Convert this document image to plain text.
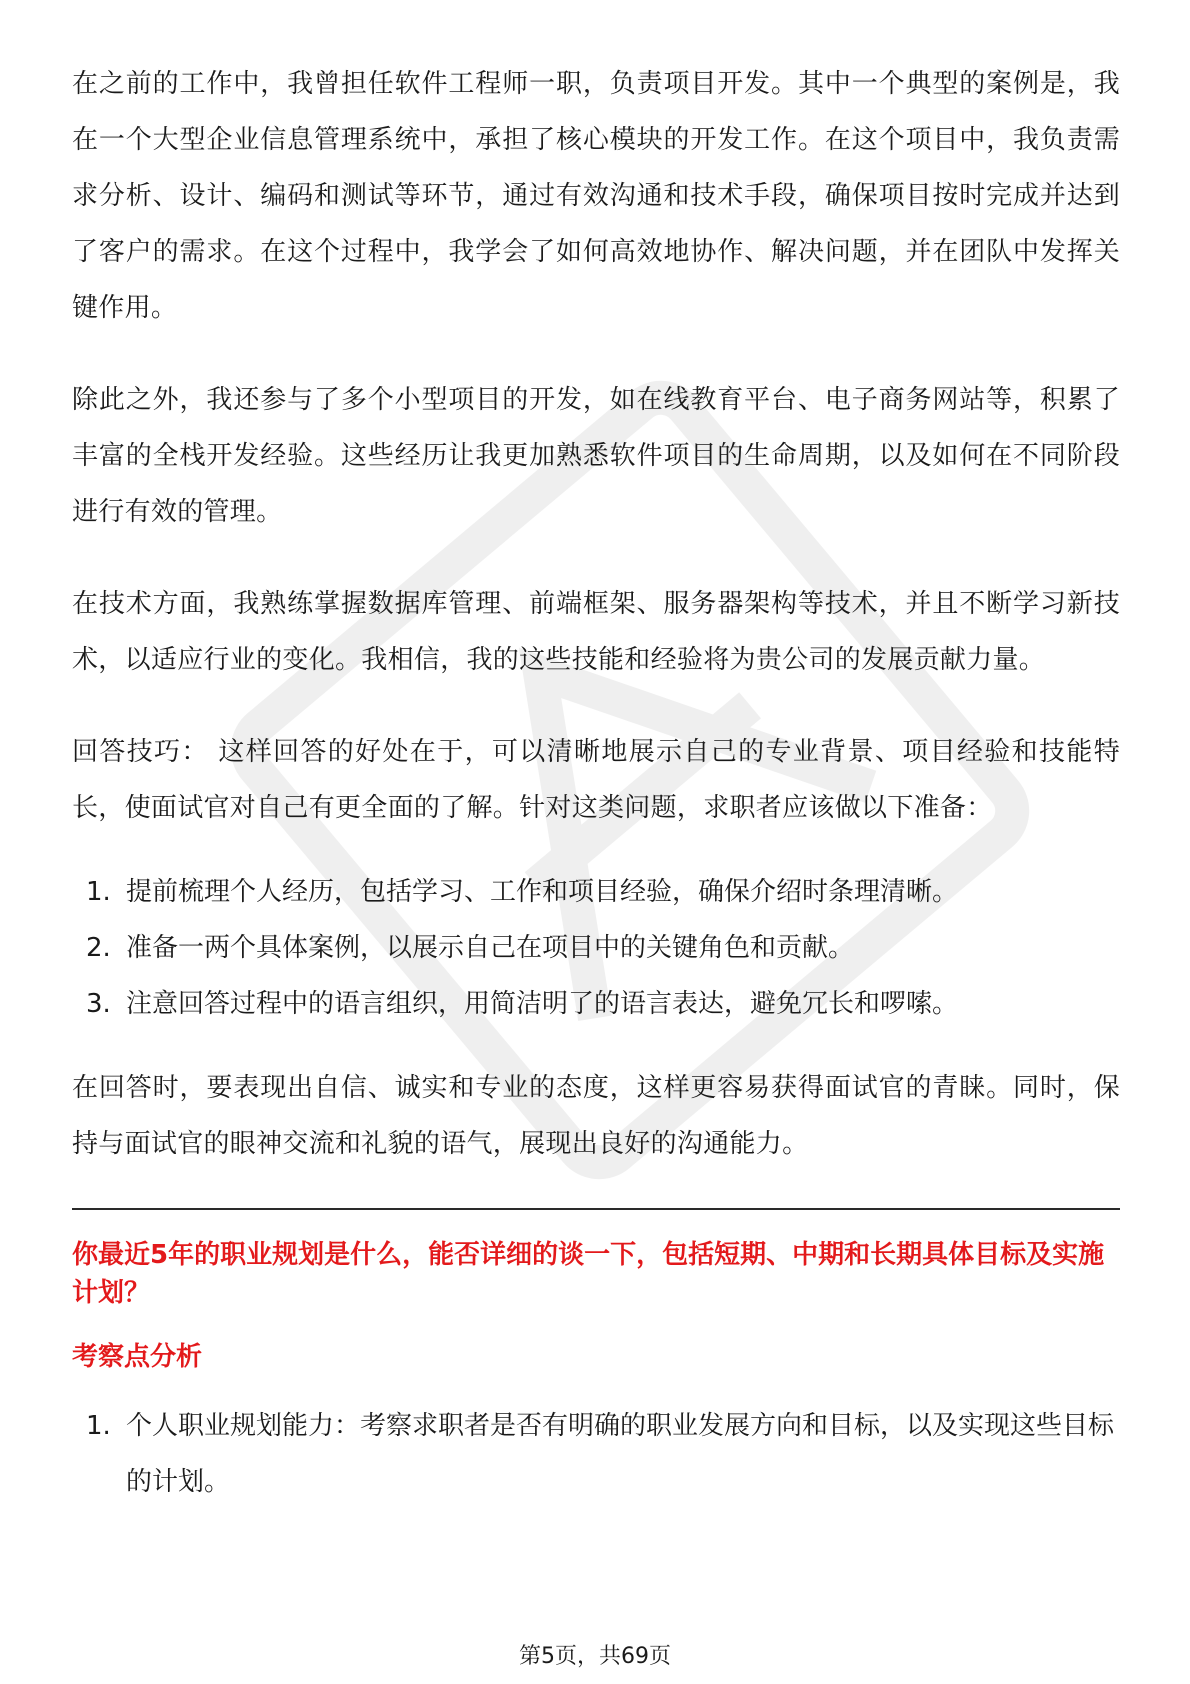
在之前的工作中，我曾担任软件工程师一职，负责项目开发。其中一个典型的案例是，我在一个大型企业信息管理系统中，承担了核心模块的开发工作。在这个项目中，我负责需求分析、设计、编码和测试等环节，通过有效沟通和技术手段，确保项目按时完成并达到了客户的需求。在这个过程中，我学会了如何高效地协作、解决问题，并在团队中发挥关键作用。

除此之外，我还参与了多个小型项目的开发，如在线教育平台、电子商务网站等，积累了丰富的全栈开发经验。这些经历让我更加熟悉软件项目的生命周期，以及如何在不同阶段进行有效的管理。

在技术方面，我熟练掌握数据库管理、前端框架、服务器架构等技术，并且不断学习新技术，以适应行业的变化。我相信，我的这些技能和经验将为贵公司的发展贡献力量。

回答技巧： 这样回答的好处在于，可以清晰地展示自己的专业背景、项目经验和技能特长，使面试官对自己有更全面的了解。针对这类问题，求职者应该做以下准备：

1. 提前梳理个人经历，包括学习、工作和项目经验，确保介绍时条理清晰。
2. 准备一两个具体案例，以展示自己在项目中的关键角色和贡献。
3. 注意回答过程中的语言组织，用简洁明了的语言表达，避免冗长和啰嗦。

在回答时，要表现出自信、诚实和专业的态度，这样更容易获得面试官的青睐。同时，保持与面试官的眼神交流和礼貌的语气，展现出良好的沟通能力。

你最近5年的职业规划是什么，能否详细的谈一下，包括短期、中期和长期具体目标及实施计划？

考察点分析

1. 个人职业规划能力：考察求职者是否有明确的职业发展方向和目标，以及实现这些目标的计划。
第5页，共69页
